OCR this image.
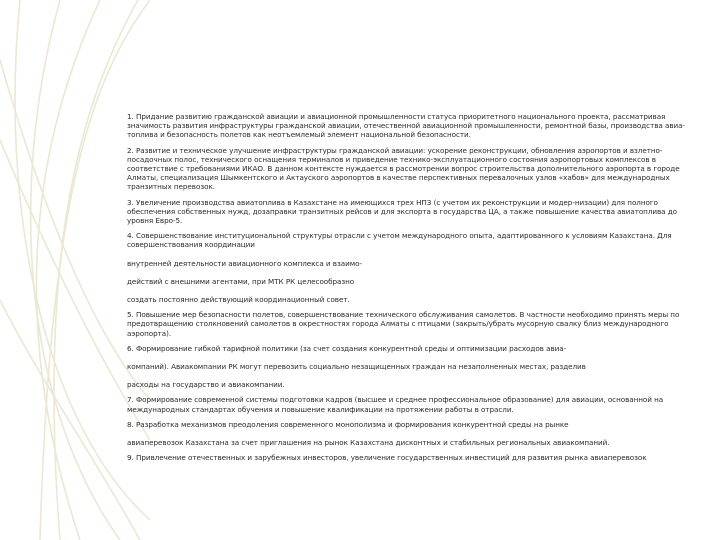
1. Придание развитию гражданской авиации и авиационной промышленности статуса приоритетного национального проекта, рассматривая значимость развития инфраструктуры гражданской авиации, отечественной авиационной промышленности, ремонтной базы, производства авиа-топлива и безопасность полетов как неотъемлемый элемент национальной безопасности.

2. Развитие и техническое улучшение инфраструктуры гражданской авиации: ускорение реконструкции, обновления аэропортов и взлетно-посадочных полос, технического оснащения терминалов и приведение технико-эксплуатационного состояния аэропортовых комплексов в соответствие с требованиями ИКАО. В данном контексте нуждается в рассмотрении вопрос строительства дополнительного аэропорта в городе Алматы, специализация Шымкентского и Актауского аэропортов в качестве перспективных перевалочных узлов «хабов» для международных транзитных перевозок.

3. Увеличение производства авиатоплива в Казахстане на имеющихся трех НПЗ (с учетом их реконструкции и модер-низации) для полного обеспечения собственных нужд, дозаправки транзитных рейсов и для экспорта в государства ЦА, а также повышение качества авиатоплива до уровня Евро-5.

4. Совершенствование институциональной структуры отрасли с учетом международного опыта, адаптированного к условиям Казахстана. Для совершенствования координации

внутренней деятельности авиационного комплекса и взаимо-

действий с внешними агентами, при МТК РК целесообразно

создать постоянно действующий координационный совет.

5. Повышение мер безопасности полетов, совершенствование технического обслуживания самолетов. В частности необходимо принять меры по предотвращению столкновений самолетов в окрестностях города Алматы с птицами (закрыть/убрать мусорную свалку близ международного аэропорта).

6. Формирование гибкой тарифной политики (за счет создания конкурентной среды и оптимизации расходов авиа-

компаний). Авиакомпании РК могут перевозить социально незащищенных граждан на незаполненных местах, разделив

расходы на государство и авиакомпании.

7. Формирование современной системы подготовки кадров (высшее и среднее профессиональное образование) для авиации, основанной на международных стандартах обучения и повышение квалификации на протяжении работы в отрасли.

8. Разработка механизмов преодоления современного монополизма и формирования конкурентной среды на рынке

авиаперевозок Казахстана за счет приглашения на рынок Казахстана дисконтных и стабильных региональных авиакомпаний.

9. Привлечение отечественных и зарубежных инвесторов, увеличение государственных инвестиций для развития рынка авиаперевозок
